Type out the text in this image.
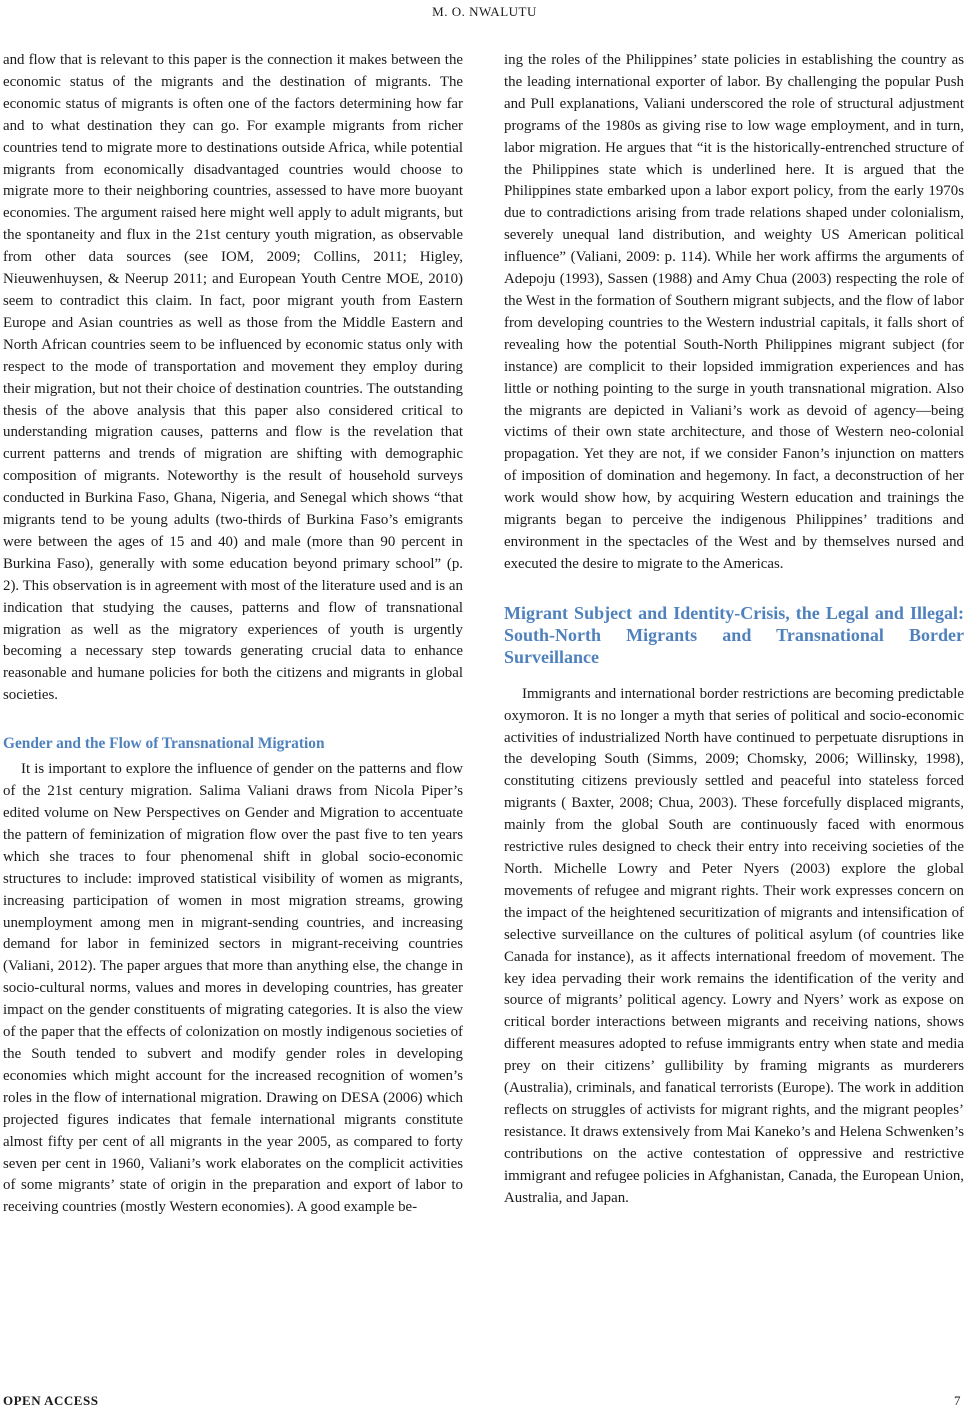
M. O. NWALUTU

and flow that is relevant to this paper is the connection it makes between the economic status of the migrants and the destination of migrants. The economic status of migrants is often one of the factors determining how far and to what destination they can go. For example migrants from richer countries tend to migrate more to destinations outside Africa, while potential migrants from economically disadvantaged countries would choose to migrate more to their neighboring countries, assessed to have more buoyant economies. The argument raised here might well apply to adult migrants, but the spontaneity and flux in the 21st century youth migration, as observable from other data sources (see IOM, 2009; Collins, 2011; Higley, Nieuwenhuysen, & Neerup 2011; and European Youth Centre MOE, 2010) seem to contradict this claim. In fact, poor migrant youth from Eastern Europe and Asian countries as well as those from the Middle Eastern and North African countries seem to be influenced by economic status only with respect to the mode of transportation and movement they employ during their migration, but not their choice of destination countries. The outstanding thesis of the above analysis that this paper also considered critical to understanding migration causes, patterns and flow is the revelation that current patterns and trends of migration are shifting with demographic composition of migrants. Noteworthy is the result of household surveys conducted in Burkina Faso, Ghana, Nigeria, and Senegal which shows “that migrants tend to be young adults (two-thirds of Burkina Faso’s emigrants were between the ages of 15 and 40) and male (more than 90 percent in Burkina Faso), generally with some education beyond primary school” (p. 2). This observation is in agreement with most of the literature used and is an indication that studying the causes, patterns and flow of transnational migration as well as the migratory experiences of youth is urgently becoming a necessary step towards generating crucial data to enhance reasonable and humane policies for both the citizens and migrants in global societies.

Gender and the Flow of Transnational Migration

It is important to explore the influence of gender on the patterns and flow of the 21st century migration. Salima Valiani draws from Nicola Piper’s edited volume on New Perspectives on Gender and Migration to accentuate the pattern of feminization of migration flow over the past five to ten years which she traces to four phenomenal shift in global socio-economic structures to include: improved statistical visibility of women as migrants, increasing participation of women in most migration streams, growing unemployment among men in migrant-sending countries, and increasing demand for labor in feminized sectors in migrant-receiving countries (Valiani, 2012). The paper argues that more than anything else, the change in socio-cultural norms, values and mores in developing countries, has greater impact on the gender constituents of migrating categories. It is also the view of the paper that the effects of colonization on mostly indigenous societies of the South tended to subvert and modify gender roles in developing economies which might account for the increased recognition of women’s roles in the flow of international migration. Drawing on DESA (2006) which projected figures indicates that female international migrants constitute almost fifty per cent of all migrants in the year 2005, as compared to forty seven per cent in 1960, Valiani’s work elaborates on the complicit activities of some migrants’ state of origin in the preparation and export of labor to receiving countries (mostly Western economies). A good example be-

ing the roles of the Philippines’ state policies in establishing the country as the leading international exporter of labor. By challenging the popular Push and Pull explanations, Valiani underscored the role of structural adjustment programs of the 1980s as giving rise to low wage employment, and in turn, labor migration. He argues that “it is the historically-entrenched structure of the Philippines state which is underlined here. It is argued that the Philippines state embarked upon a labor export policy, from the early 1970s due to contradictions arising from trade relations shaped under colonialism, severely unequal land distribution, and weighty US American political influence” (Valiani, 2009: p. 114). While her work affirms the arguments of Adepoju (1993), Sassen (1988) and Amy Chua (2003) respecting the role of the West in the formation of Southern migrant subjects, and the flow of labor from developing countries to the Western industrial capitals, it falls short of revealing how the potential South-North Philippines migrant subject (for instance) are complicit to their lopsided immigration experiences and has little or nothing pointing to the surge in youth transnational migration. Also the migrants are depicted in Valiani’s work as devoid of agency—being victims of their own state architecture, and those of Western neo-colonial propagation. Yet they are not, if we consider Fanon’s injunction on matters of imposition of domination and hegemony. In fact, a deconstruction of her work would show how, by acquiring Western education and trainings the migrants began to perceive the indigenous Philippines’ traditions and environment in the spectacles of the West and by themselves nursed and executed the desire to migrate to the Americas.

Migrant Subject and Identity-Crisis, the Legal and Illegal: South-North Migrants and Transnational Border Surveillance

Immigrants and international border restrictions are becoming predictable oxymoron. It is no longer a myth that series of political and socio-economic activities of industrialized North have continued to perpetuate disruptions in the developing South (Simms, 2009; Chomsky, 2006; Willinsky, 1998), constituting citizens previously settled and peaceful into stateless forced migrants ( Baxter, 2008; Chua, 2003). These forcefully displaced migrants, mainly from the global South are continuously faced with enormous restrictive rules designed to check their entry into receiving societies of the North. Michelle Lowry and Peter Nyers (2003) explore the global movements of refugee and migrant rights. Their work expresses concern on the impact of the heightened securitization of migrants and intensification of selective surveillance on the cultures of political asylum (of countries like Canada for instance), as it affects international freedom of movement. The key idea pervading their work remains the identification of the verity and source of migrants’ political agency. Lowry and Nyers’ work as expose on critical border interactions between migrants and receiving nations, shows different measures adopted to refuse immigrants entry when state and media prey on their citizens’ gullibility by framing migrants as murderers (Australia), criminals, and fanatical terrorists (Europe). The work in addition reflects on struggles of activists for migrant rights, and the migrant peoples’ resistance. It draws extensively from Mai Kaneko’s and Helena Schwenken’s contributions on the active contestation of oppressive and restrictive immigrant and refugee policies in Afghanistan, Canada, the European Union, Australia, and Japan.

OPEN ACCESS	7
